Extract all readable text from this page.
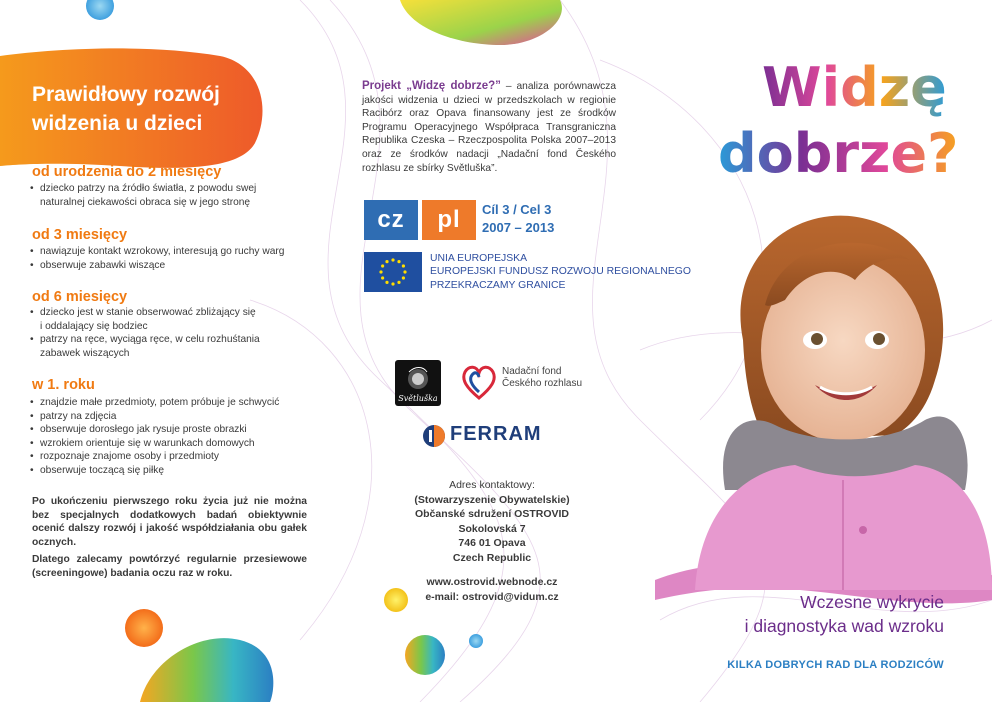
Prawidłowy rozwój
widzenia u dzieci
od urodzenia do 2 miesięcy
• dziecko patrzy na źródło światła, z powodu swej
naturalnej ciekawości obraca się w jego stronę
od 3 miesięcy
• nawiązuje kontakt wzrokowy, interesują go ruchy warg
• obserwuje zabawki wiszące
od 6 miesięcy
• dziecko jest w stanie obserwować zbliżający się
i oddalający się bodziec
• patrzy na ręce, wyciąga ręce, w celu rozhuśtania
zabawek wiszących
w 1. roku
• znajdzie małe przedmioty, potem próbuje je schwycić
• patrzy na zdjęcia
• obserwuje dorosłego jak rysuje proste obrazki
• wzrokiem orientuje się w warunkach domowych
• rozpoznaje znajome osoby i przedmioty
• obserwuje toczącą się piłkę

Po ukończeniu pierwszego roku życia już nie można bez specjalnych dodatkowych badań obiektywnie ocenić dalszy rozwój i jakość współdziałania obu gałek ocznych.

Dlatego zalecamy powtórzyć regularnie przesiewowe (screeningowe) badania oczu raz w roku.

Projekt „Widzę dobrze?” – analiza porównawcza jakości widzenia u dzieci w przedszkolach w regionie Racibórz oraz Opava finansowany jest ze środków Programu Operacyjnego Współpraca Transgraniczna Republika Czeska – Rzeczpospolita Polska 2007–2013 oraz ze środków nadacji „Nadační fond Českého rozhlasu ze sbírky Světluška”.

cz	pl	Cíl 3 / Cel 3
2007 – 2013

UNIA EUROPEJSKA
EUROPEJSKI FUNDUSZ ROZWOJU REGIONALNEGO
PRZEKRACZAMY GRANICE

Světluška

Nadační fond
Českého rozhlasu

FERRAM

Adres kontaktowy:
(Stowarzyszenie Obywatelskie)
Občanské sdružení OSTROVID
Sokolovská 7
746 01 Opava
Czech Republic

www.ostrovid.webnode.cz
e-mail: ostrovid@vidum.cz

Widzę
dobrze?

Wczesne wykrycie
i diagnostyka wad wzroku

KILKA DOBRYCH RAD DLA RODZICÓW
